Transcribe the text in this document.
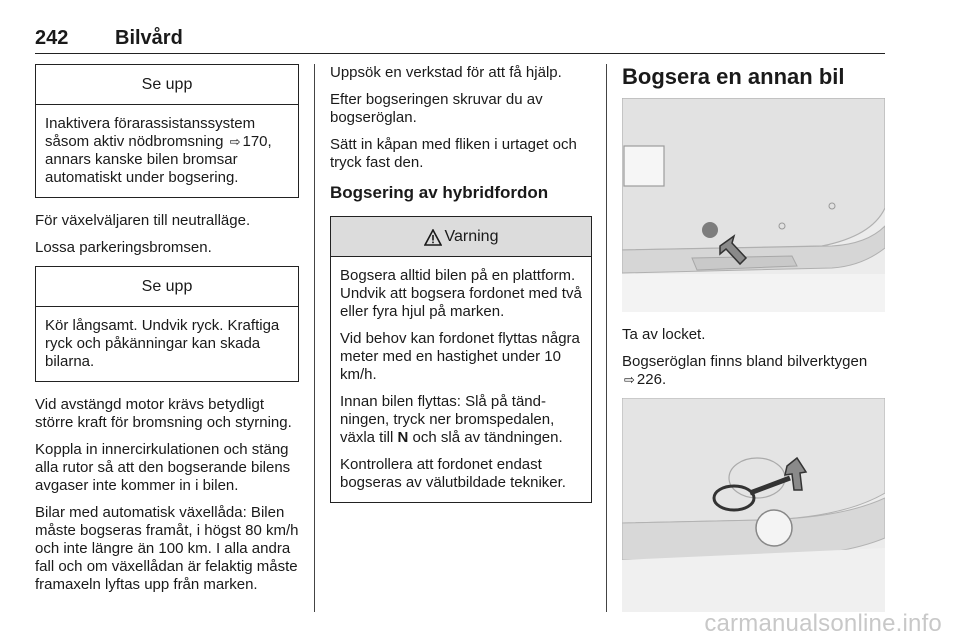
242 Bilvård
Se upp

Inaktivera förarassistanssystem såsom aktiv nödbromsning ⇨ 170, annars kanske bilen bromsar automatiskt under bogsering.

För växelväljaren till neutralläge.

Lossa parkeringsbromsen.

Se upp

Kör långsamt. Undvik ryck. Kraftiga ryck och påkänningar kan skada bilarna.

Vid avstängd motor krävs betydligt större kraft för bromsning och styrning.

Koppla in innercirkulationen och stäng alla rutor så att den bogserande bilens avgaser inte kommer in i bilen.

Bilar med automatisk växellåda: Bilen måste bogseras framåt, i högst 80 km/h och inte längre än 100 km. I alla andra fall och om växellådan är felaktig måste framaxeln lyftas upp från marken.

Uppsök en verkstad för att få hjälp.

Efter bogseringen skruvar du av bogseröglan.

Sätt in kåpan med fliken i urtaget och tryck fast den.

Bogsering av hybridfordon
Varning

Bogsera alltid bilen på en plattform. Undvik att bogsera fordonet med två eller fyra hjul på marken.

Vid behov kan fordonet flyttas några meter med en hastighet under 10 km/h.

Innan bilen flyttas: Slå på tändningen, tryck ner bromspedalen, växla till N och slå av tändningen.

Kontrollera att fordonet endast bogseras av välutbildade tekniker.

Bogsera en annan bil

Ta av locket.

Bogseröglan finns bland bilverktygen ⇨ 226.

carmanualsonline.info
